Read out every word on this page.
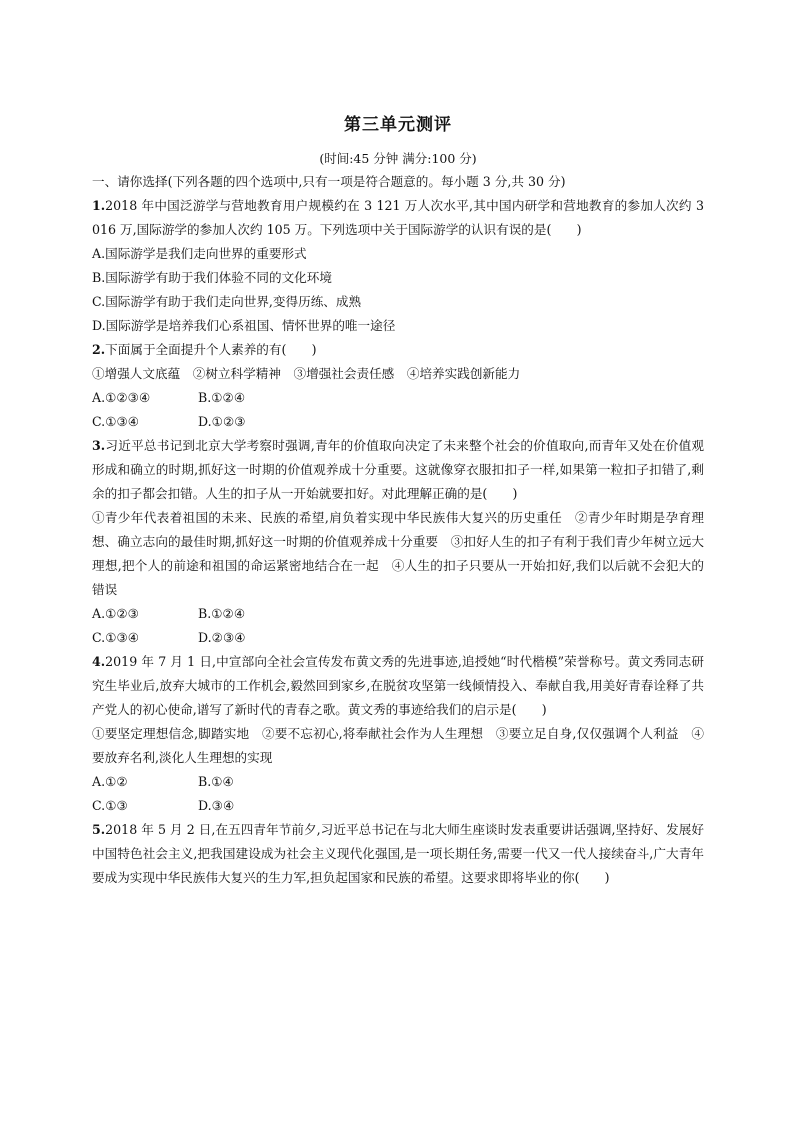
第三单元测评
(时间:45 分钟 满分:100 分)

一、请你选择(下列各题的四个选项中,只有一项是符合题意的。每小题 3 分,共 30 分)

1.2018 年中国泛游学与营地教育用户规模约在 3 121 万人次水平,其中国内研学和营地教育的参加人次约 3 016 万,国际游学的参加人次约 105 万。下列选项中关于国际游学的认识有误的是(　　)

A.国际游学是我们走向世界的重要形式

B.国际游学有助于我们体验不同的文化环境

C.国际游学有助于我们走向世界,变得历练、成熟

D.国际游学是培养我们心系祖国、情怀世界的唯一途径

2.下面属于全面提升个人素养的有(　　)

①增强人文底蕴　②树立科学精神　③增强社会责任感　④培养实践创新能力

A.①②③④	B.①②④
C.①③④	D.①②③

3.习近平总书记到北京大学考察时强调,青年的价值取向决定了未来整个社会的价值取向,而青年又处在价值观形成和确立的时期,抓好这一时期的价值观养成十分重要。这就像穿衣服扣扣子一样,如果第一粒扣子扣错了,剩余的扣子都会扣错。人生的扣子从一开始就要扣好。对此理解正确的是(　　)

①青少年代表着祖国的未来、民族的希望,肩负着实现中华民族伟大复兴的历史重任　②青少年时期是孕育理想、确立志向的最佳时期,抓好这一时期的价值观养成十分重要　③扣好人生的扣子有利于我们青少年树立远大理想,把个人的前途和祖国的命运紧密地结合在一起　④人生的扣子只要从一开始扣好,我们以后就不会犯大的错误

A.①②③	B.①②④
C.①③④	D.②③④

4.2019 年 7 月 1 日,中宣部向全社会宣传发布黄文秀的先进事迹,追授她“时代楷模”荣誉称号。黄文秀同志研究生毕业后,放弃大城市的工作机会,毅然回到家乡,在脱贫攻坚第一线倾情投入、奉献自我,用美好青春诠释了共产党人的初心使命,谱写了新时代的青春之歌。黄文秀的事迹给我们的启示是(　　)

①要坚定理想信念,脚踏实地　②要不忘初心,将奉献社会作为人生理想　③要立足自身,仅仅强调个人利益　④要放弃名利,淡化人生理想的实现

A.①②	B.①④
C.①③	D.③④

5.2018 年 5 月 2 日,在五四青年节前夕,习近平总书记在与北大师生座谈时发表重要讲话强调,坚持好、发展好中国特色社会主义,把我国建设成为社会主义现代化强国,是一项长期任务,需要一代又一代人接续奋斗,广大青年要成为实现中华民族伟大复兴的生力军,担负起国家和民族的希望。这要求即将毕业的你(　　)
